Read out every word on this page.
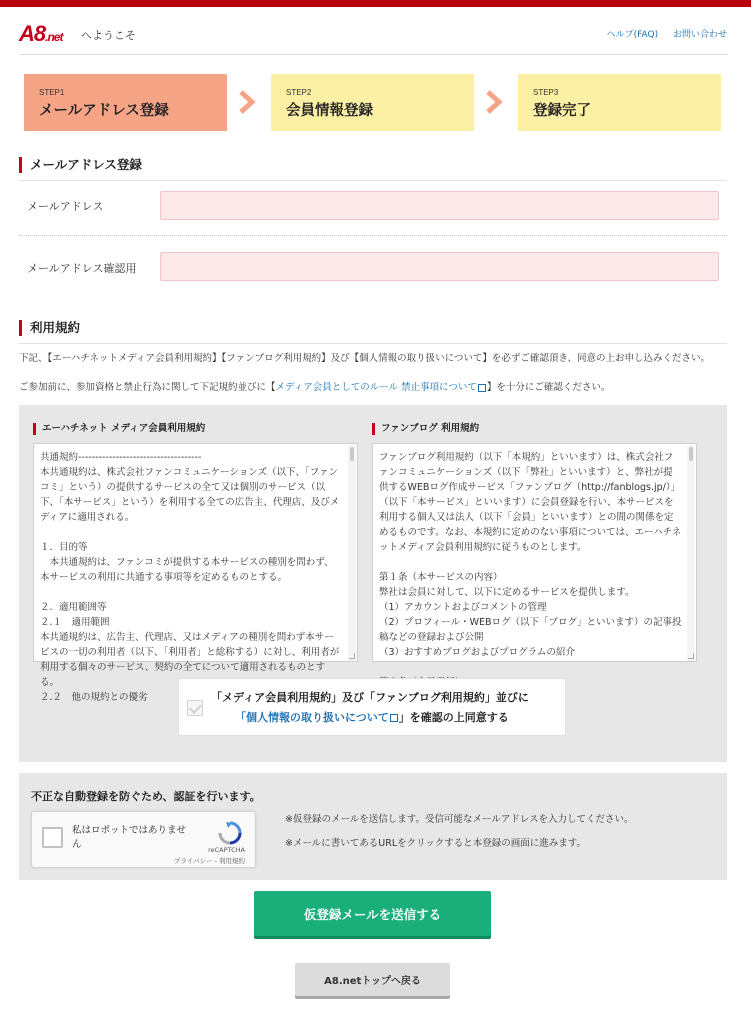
A8.net へようこそ	ヘルプ(FAQ) お問い合わせ
STEP1
メールアドレス登録
STEP2
会員情報登録
STEP3
登録完了
メールアドレス登録
メールアドレス
メールアドレス確認用
利用規約
下記、【エーハチネットメディア会員利用規約】【ファンブログ利用規約】及び【個人情報の取り扱いについて】を必ずご確認頂き、同意の上お申し込みください。
ご参加前に、参加資格と禁止行為に関して下記規約並びに【メディア会員としてのルール 禁止事項について 】を十分にご確認ください。
エーハチネット メディア会員利用規約

共通規約------------------------------------
本共通規約は、株式会社ファンコミュニケーションズ（以下、「ファンコミ」という）の提供するサービスの全て又は個別のサービス（以下、「本サービス」という）を利用する全ての広告主、代理店、及びメディアに適用される。

１．目的等
　本共通規約は、ファンコミが提供する本サービスの種別を問わず、本サービスの利用に共通する事項等を定めるものとする。

２．適用範囲等
２.１　適用範囲
本共通規約は、広告主、代理店、又はメディアの種別を問わず本サービスの一切の利用者（以下、「利用者」と総称する）に対し、利用者が利用する個々のサービス、契約の全てについて適用されるものとする。
２.２　他の規約との優劣

ファンブログ 利用規約

ファンブログ利用規約（以下「本規約」といいます）は、株式会社ファンコミュニケーションズ（以下「弊社」といいます）と、弊社が提供するWEBログ作成サービス「ファンブログ（http://fanblogs.jp/）」（以下「本サービス」といいます）に会員登録を行い、本サービスを利用する個人又は法人（以下「会員」といいます）との間の関係を定めるものです。なお、本規約に定めのない事項については、エーハチネットメディア会員利用規約に従うものとします。

第１条（本サービスの内容）
弊社は会員に対して、以下に定めるサービスを提供します。
（1）アカウントおよびコメントの管理
（2）プロフィール・WEBログ（以下「ブログ」といいます）の記事投稿などの登録および公開
（3）おすすめブログおよびプログラムの紹介

「メディア会員利用規約」及び「ファンブログ利用規約」並びに
「個人情報の取り扱いについて 」を確認の上同意する
不正な自動登録を防ぐため、認証を行います。
私はロボットではありません	reCAPTCHA
プライバシー - 利用規約
※仮登録のメールを送信します。受信可能なメールアドレスを入力してください。
※メールに書いてあるURLをクリックすると本登録の画面に進みます。
仮登録メールを送信する
A8.netトップへ戻る
